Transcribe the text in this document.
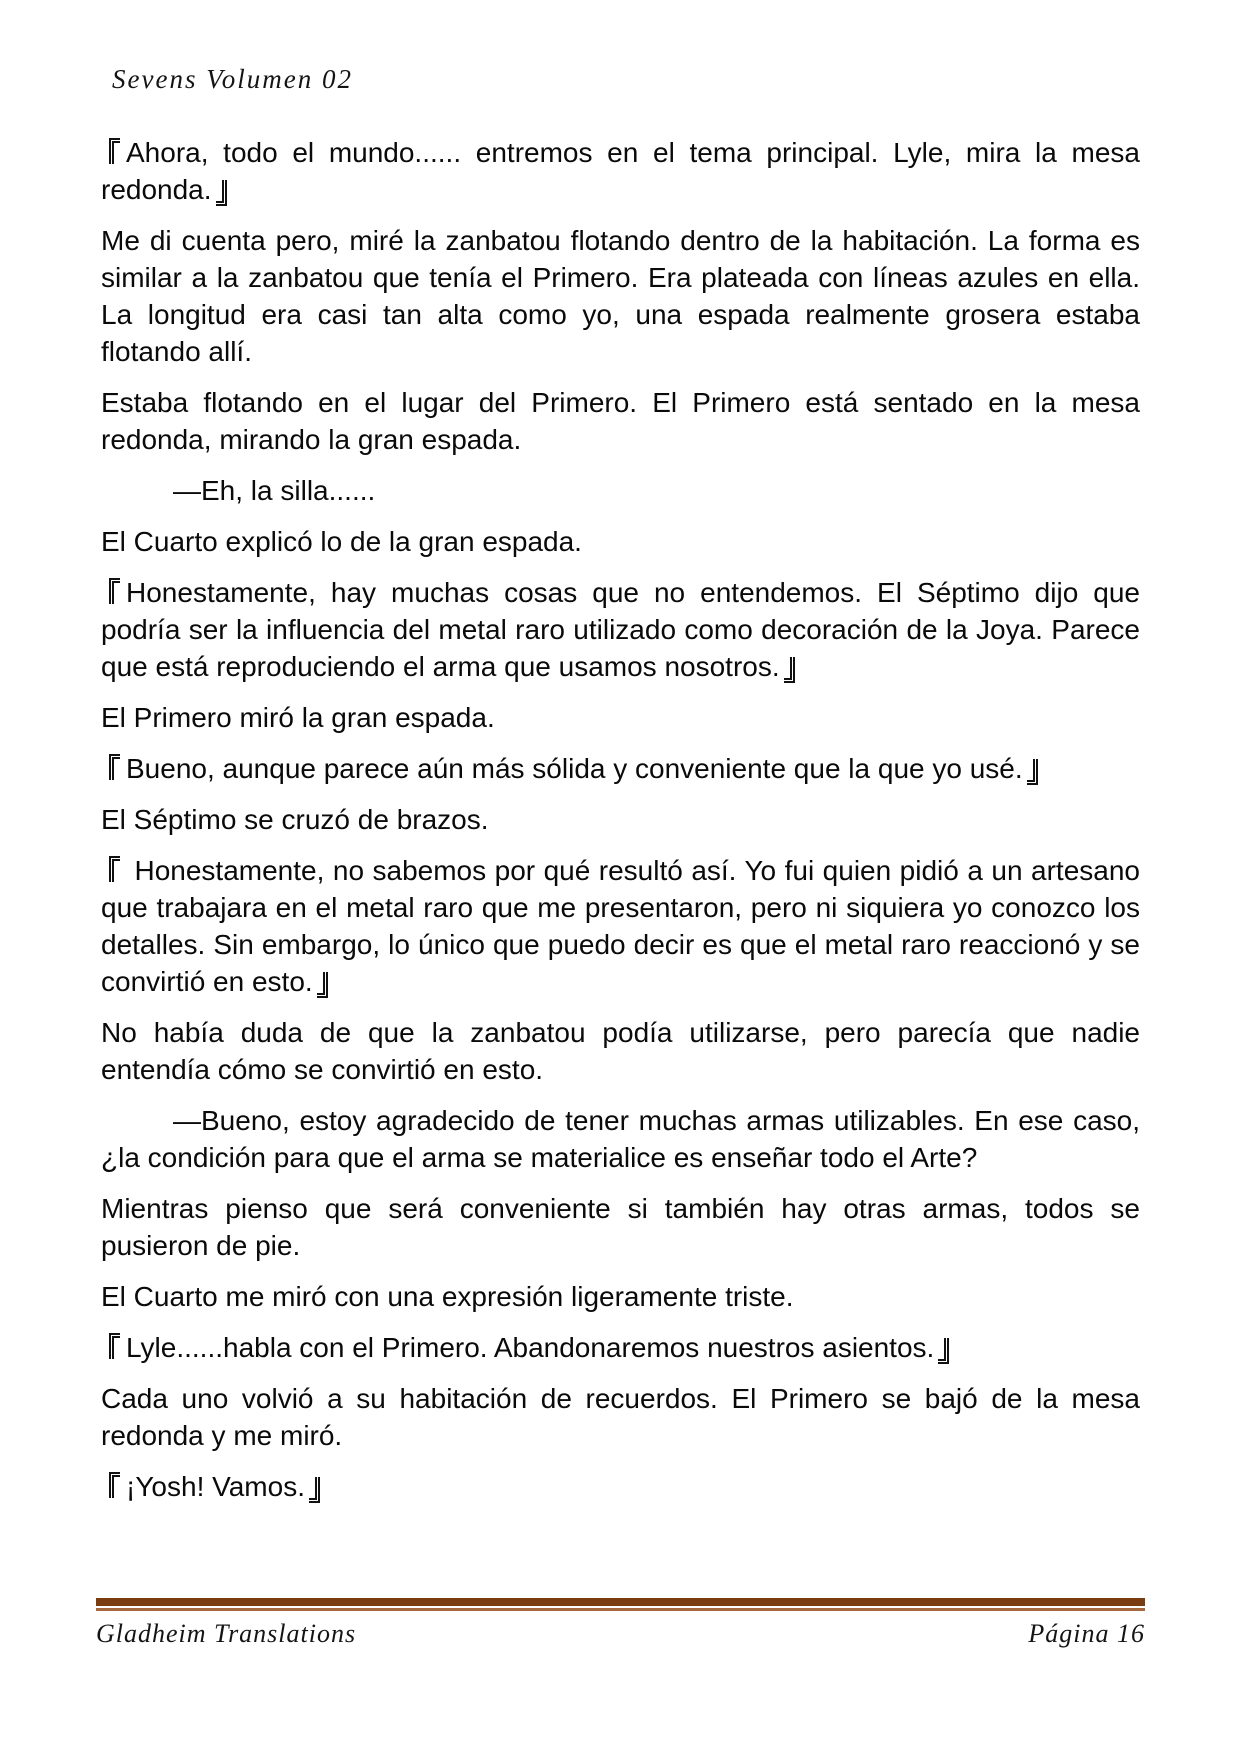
Sevens Volumen 02

Ahora, todo el mundo...... entremos en el tema principal. Lyle, mira la mesa redonda.

Me di cuenta pero, miré la zanbatou flotando dentro de la habitación. La forma es similar a la zanbatou que tenía el Primero. Era plateada con líneas azules en ella. La longitud era casi tan alta como yo, una espada realmente grosera estaba flotando allí.

Estaba flotando en el lugar del Primero. El Primero está sentado en la mesa redonda, mirando la gran espada.

—Eh, la silla......

El Cuarto explicó lo de la gran espada.

Honestamente, hay muchas cosas que no entendemos. El Séptimo dijo que podría ser la influencia del metal raro utilizado como decoración de la Joya. Parece que está reproduciendo el arma que usamos nosotros.

El Primero miró la gran espada.

Bueno, aunque parece aún más sólida y conveniente que la que yo usé.

El Séptimo se cruzó de brazos.

Honestamente, no sabemos por qué resultó así. Yo fui quien pidió a un artesano que trabajara en el metal raro que me presentaron, pero ni siquiera yo conozco los detalles. Sin embargo, lo único que puedo decir es que el metal raro reaccionó y se convirtió en esto.

No había duda de que la zanbatou podía utilizarse, pero parecía que nadie entendía cómo se convirtió en esto.

—Bueno, estoy agradecido de tener muchas armas utilizables. En ese caso, ¿la condición para que el arma se materialice es enseñar todo el Arte?

Mientras pienso que será conveniente si también hay otras armas, todos se pusieron de pie.

El Cuarto me miró con una expresión ligeramente triste.

Lyle......habla con el Primero. Abandonaremos nuestros asientos.

Cada uno volvió a su habitación de recuerdos. El Primero se bajó de la mesa redonda y me miró.

¡Yosh! Vamos.

Gladheim Translations	Página 16
